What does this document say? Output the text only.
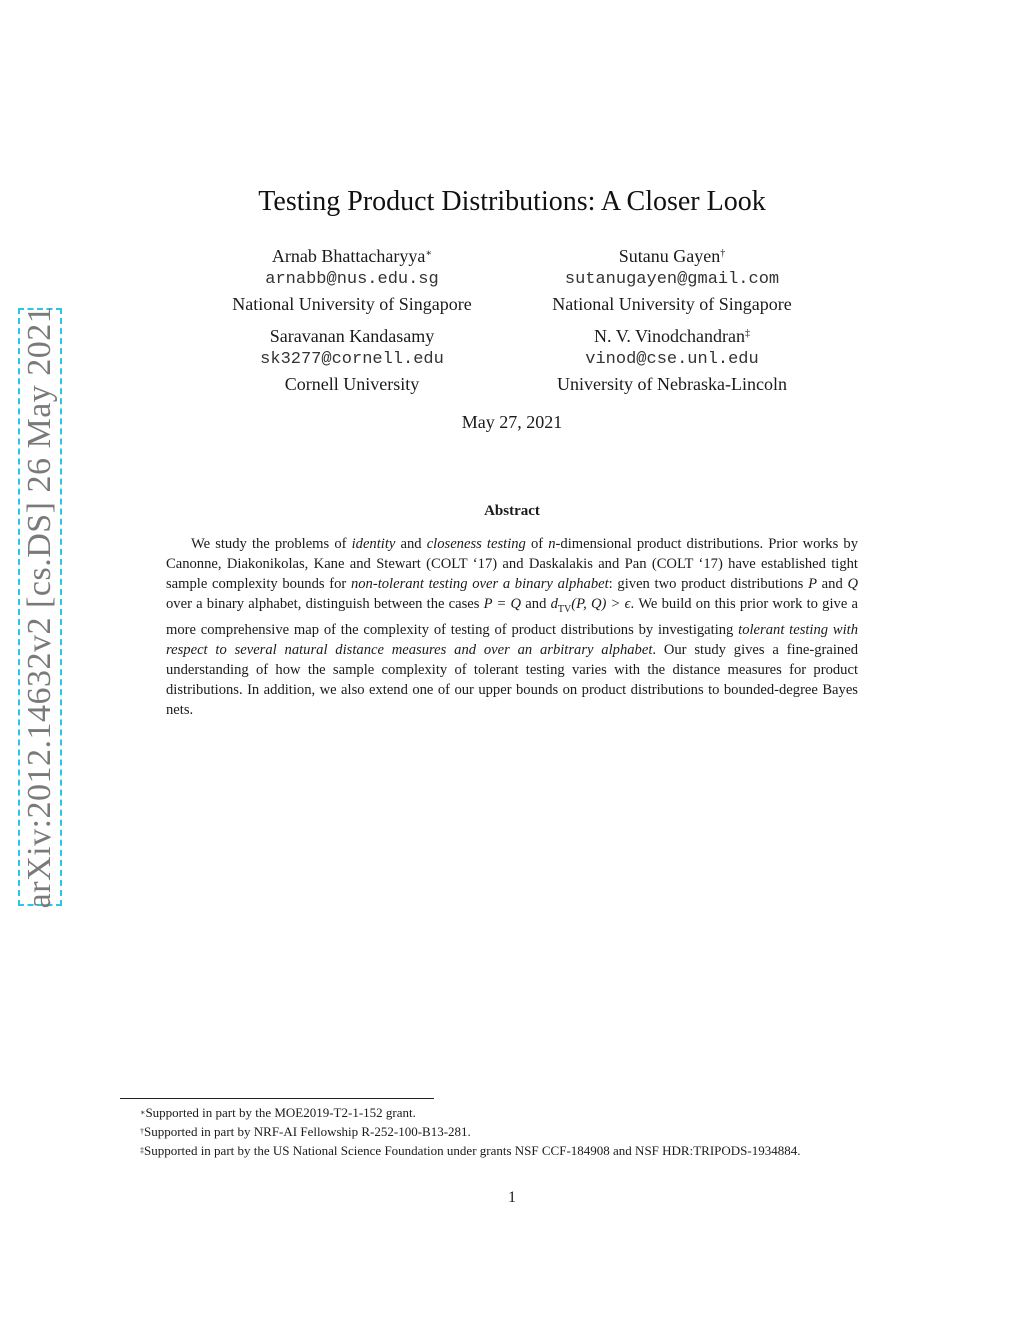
arXiv:2012.14632v2 [cs.DS] 26 May 2021
Testing Product Distributions: A Closer Look
Arnab Bhattacharyya∗
arnabb@nus.edu.sg
National University of Singapore
Sutanu Gayen†
sutanugayen@gmail.com
National University of Singapore
Saravanan Kandasamy
sk3277@cornell.edu
Cornell University
N. V. Vinodchandran‡
vinod@cse.unl.edu
University of Nebraska-Lincoln
May 27, 2021
Abstract

We study the problems of identity and closeness testing of n-dimensional product distributions. Prior works by Canonne, Diakonikolas, Kane and Stewart (COLT ‘17) and Daskalakis and Pan (COLT ‘17) have established tight sample complexity bounds for non-tolerant testing over a binary alphabet: given two product distributions P and Q over a binary alphabet, distinguish between the cases P = Q and $d_{TV}(P$, Q) > ϵ. We build on this prior work to give a more comprehensive map of the complexity of testing of product distributions by investigating tolerant testing with respect to several natural distance measures and over an arbitrary alphabet. Our study gives a fine-grained understanding of how the sample complexity of tolerant testing varies with the distance measures for product distributions. In addition, we also extend one of our upper bounds on product distributions to bounded-degree Bayes nets.

∗Supported in part by the MOE2019-T2-1-152 grant.
†Supported in part by NRF-AI Fellowship R-252-100-B13-281.
‡Supported in part by the US National Science Foundation under grants NSF CCF-184908 and NSF HDR:TRIPODS-1934884.
1
